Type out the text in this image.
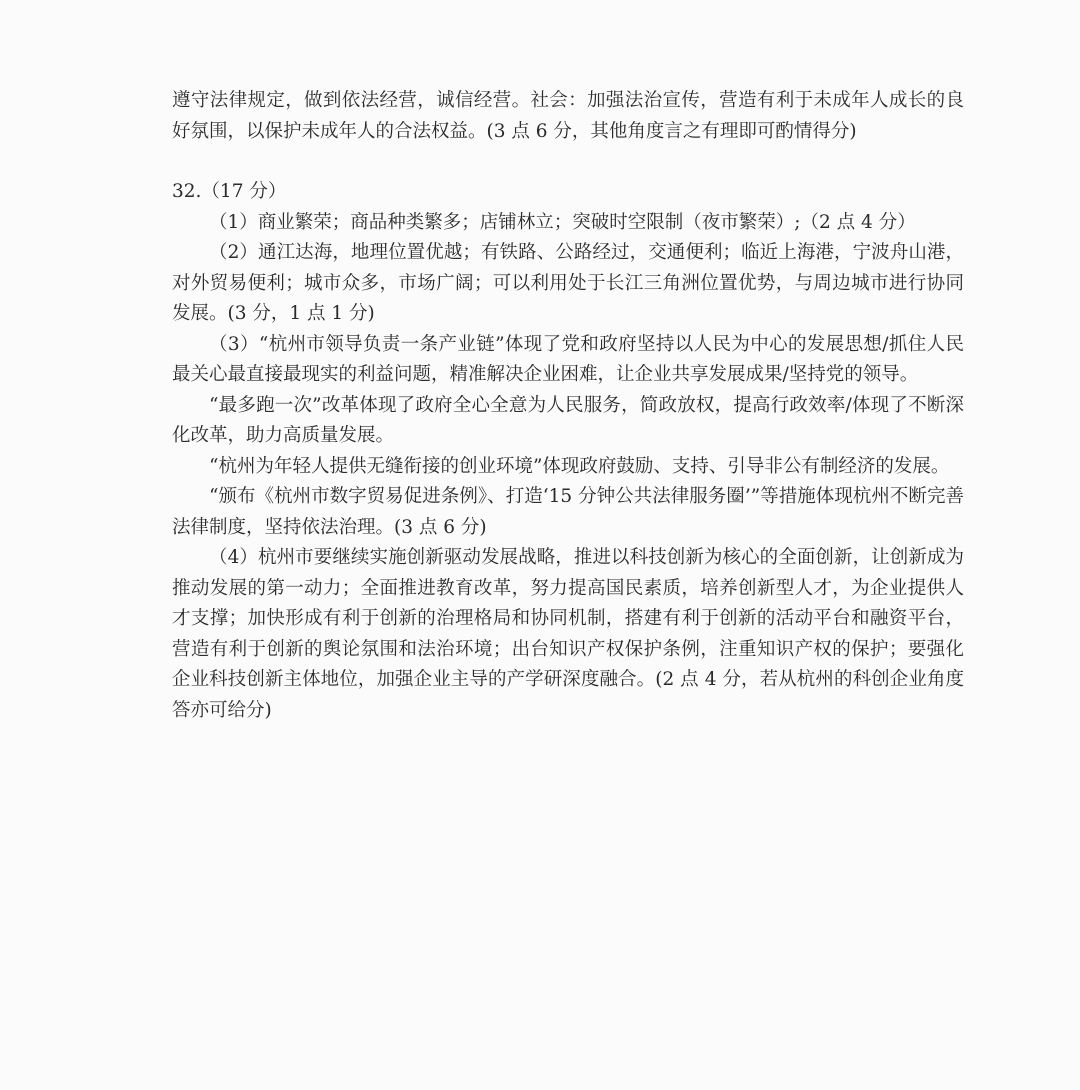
遵守法律规定，做到依法经营，诚信经营。社会：加强法治宣传，营造有利于未成年人成长的良好氛围，以保护未成年人的合法权益。(3 点 6 分，其他角度言之有理即可酌情得分)

32.（17 分）

（1）商业繁荣；商品种类繁多；店铺林立；突破时空限制（夜市繁荣）;（2 点 4 分）

（2）通江达海，地理位置优越；有铁路、公路经过，交通便利；临近上海港，宁波舟山港，对外贸易便利；城市众多，市场广阔；可以利用处于长江三角洲位置优势，与周边城市进行协同发展。(3 分，1 点 1 分)

（3）“杭州市领导负责一条产业链”体现了党和政府坚持以人民为中心的发展思想/抓住人民最关心最直接最现实的利益问题，精准解决企业困难，让企业共享发展成果/坚持党的领导。

“最多跑一次”改革体现了政府全心全意为人民服务，简政放权，提高行政效率/体现了不断深化改革，助力高质量发展。

“杭州为年轻人提供无缝衔接的创业环境”体现政府鼓励、支持、引导非公有制经济的发展。

“颁布《杭州市数字贸易促进条例》、打造‘15 分钟公共法律服务圈’”等措施体现杭州不断完善法律制度，坚持依法治理。(3 点 6 分)

（4）杭州市要继续实施创新驱动发展战略，推进以科技创新为核心的全面创新，让创新成为推动发展的第一动力；全面推进教育改革，努力提高国民素质，培养创新型人才，为企业提供人才支撑；加快形成有利于创新的治理格局和协同机制，搭建有利于创新的活动平台和融资平台，营造有利于创新的舆论氛围和法治环境；出台知识产权保护条例，注重知识产权的保护；要强化企业科技创新主体地位，加强企业主导的产学研深度融合。(2 点 4 分，若从杭州的科创企业角度答亦可给分)
